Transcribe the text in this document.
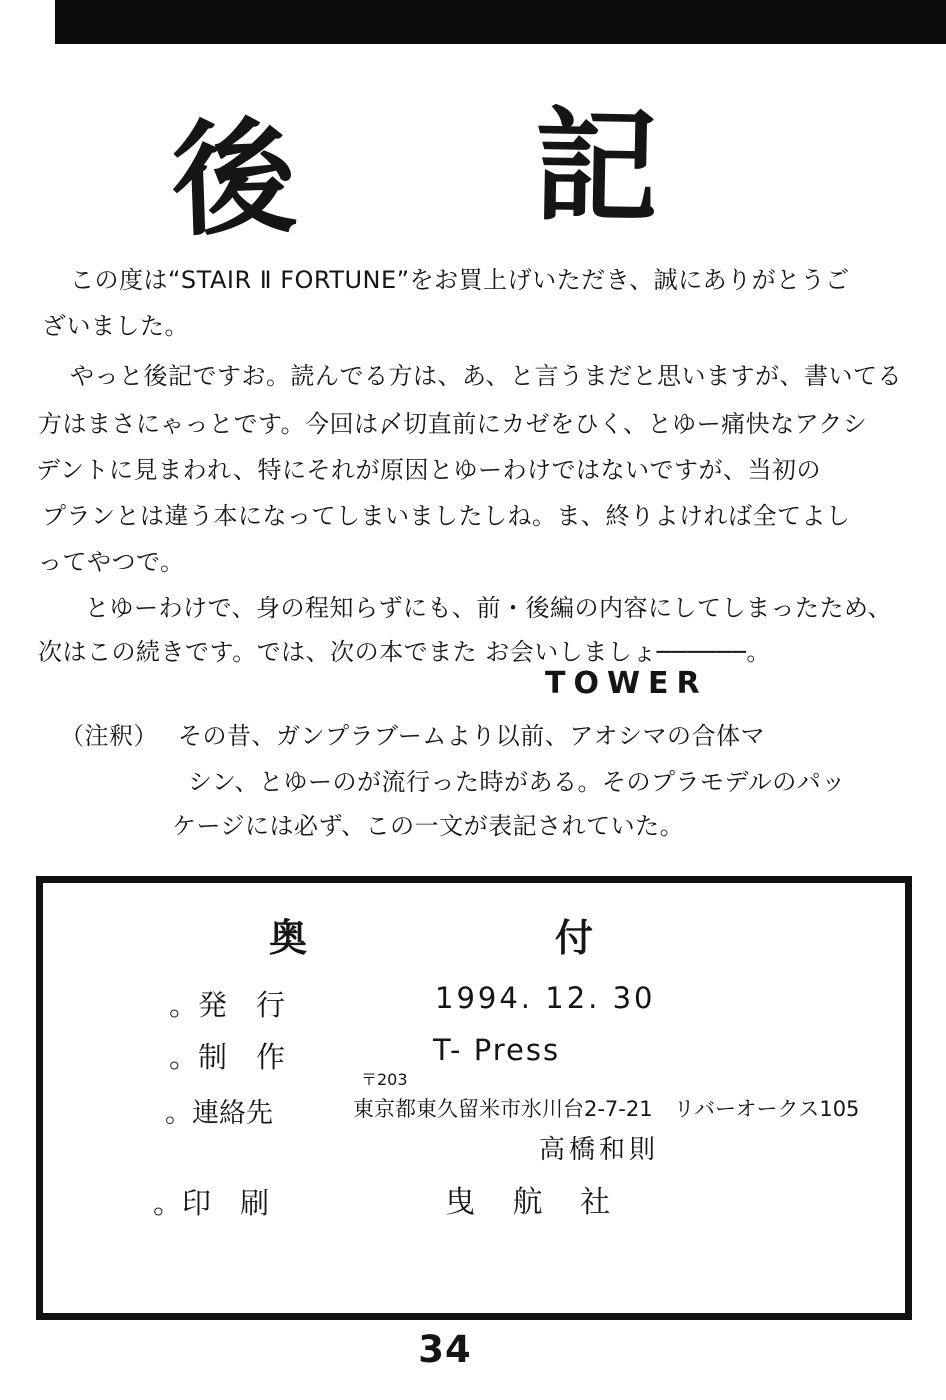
後 記
この度は“STAIR Ⅱ FORTUNE”をお買上げいただき、誠にありがとうご
ざいました。
やっと後記ですお。読んでる方は、あ、と言うまだと思いますが、書いてる
方はまさにゃっとです。今回は〆切直前にカゼをひく、とゆー痛快なアクシ
デントに見まわれ、特にそれが原因とゆーわけではないですが、当初の
プランとは違う本になってしまいましたしね。ま、終りよければ全てよし
ってやつで。
とゆーわけで、身の程知らずにも、前・後編の内容にしてしまったため、
次はこの続きです。では、次の本でまた お会いしましょ──────。
TOWER
（注釈） その昔、ガンプラブームより以前、アオシマの合体マ
シン、とゆーのが流行った時がある。そのプラモデルのパッ
ケージには必ず、この一文が表記されていた。
奥	付
。発　行	1994. 12. 30
。制　作	T- Press
。連絡先
〒203
東京都東久留米市氷川台2-7-21　リバーオークス105
高橋和則
。印　刷	曳 航 社
34
